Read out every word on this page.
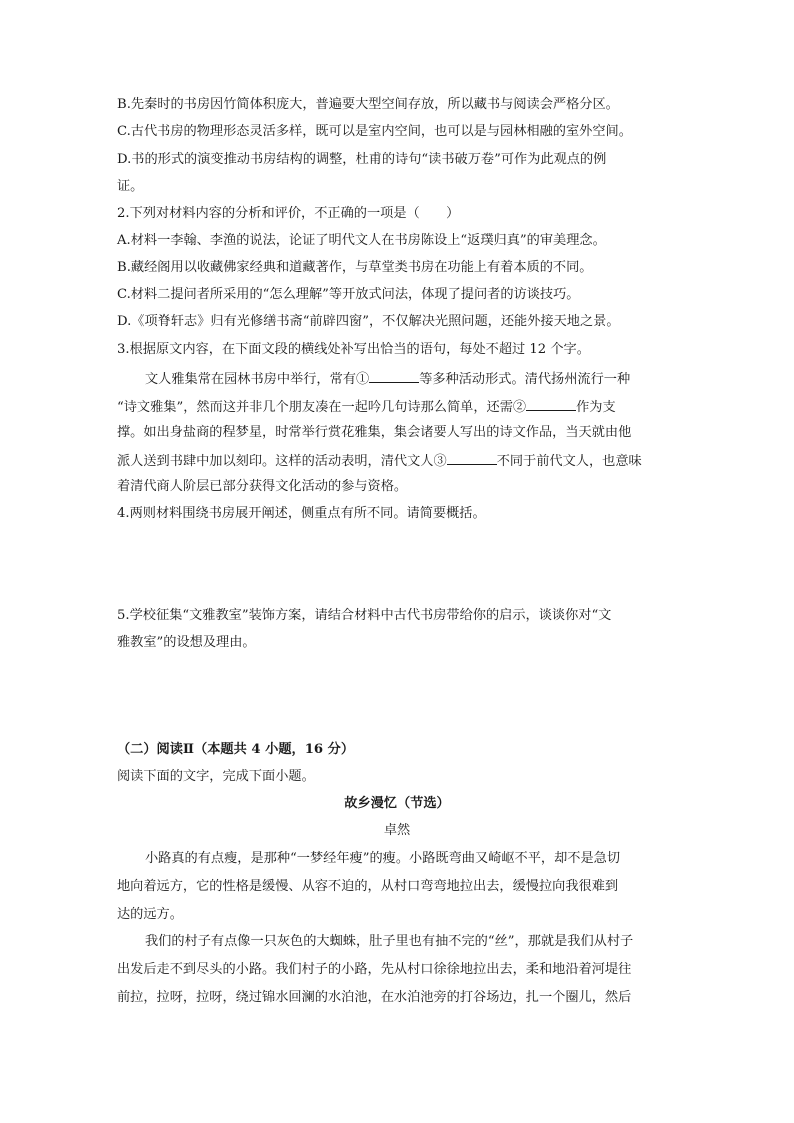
B.先秦时的书房因竹简体积庞大，普遍要大型空间存放，所以藏书与阅读会严格分区。
C.古代书房的物理形态灵活多样，既可以是室内空间，也可以是与园林相融的室外空间。
D.书的形式的演变推动书房结构的调整，杜甫的诗句“读书破万卷”可作为此观点的例
证。
2.下列对材料内容的分析和评价，不正确的一项是（　　）
A.材料一李翰、李渔的说法，论证了明代文人在书房陈设上“返璞归真”的审美理念。
B.藏经阁用以收藏佛家经典和道藏著作，与草堂类书房在功能上有着本质的不同。
C.材料二提问者所采用的“怎么理解”等开放式问法，体现了提问者的访谈技巧。
D.《项脊轩志》归有光修缮书斋“前辟四窗”，不仅解决光照问题，还能外接天地之景。
3.根据原文内容，在下面文段的横线处补写出恰当的语句，每处不超过 12 个字。
文人雅集常在园林书房中举行，常有①	等多种活动形式。清代扬州流行一种
“诗文雅集”，然而这并非几个朋友凑在一起吟几句诗那么简单，还需②	作为支
撑。如出身盐商的程梦星，时常举行赏花雅集，集会诸要人写出的诗文作品，当天就由他
派人送到书肆中加以刻印。这样的活动表明，清代文人③	不同于前代文人，也意味
着清代商人阶层已部分获得文化活动的参与资格。
4.两则材料围绕书房展开阐述，侧重点有所不同。请简要概括。
5.学校征集“文雅教室”装饰方案，请结合材料中古代书房带给你的启示，谈谈你对“文
雅教室”的设想及理由。
（二）阅读Ⅱ（本题共 4 小题，16 分）
阅读下面的文字，完成下面小题。
故乡漫忆（节选）
卓然
小路真的有点瘦，是那种“一梦经年瘦”的瘦。小路既弯曲又崎岖不平，却不是急切
地向着远方，它的性格是缓慢、从容不迫的，从村口弯弯地拉出去，缓慢拉向我很难到
达的远方。
我们的村子有点像一只灰色的大蜘蛛，肚子里也有抽不完的“丝”，那就是我们从村子
出发后走不到尽头的小路。我们村子的小路，先从村口徐徐地拉出去，柔和地沿着河堤往
前拉，拉呀，拉呀，绕过锦水回澜的水泊池，在水泊池旁的打谷场边，扎一个圈儿，然后
